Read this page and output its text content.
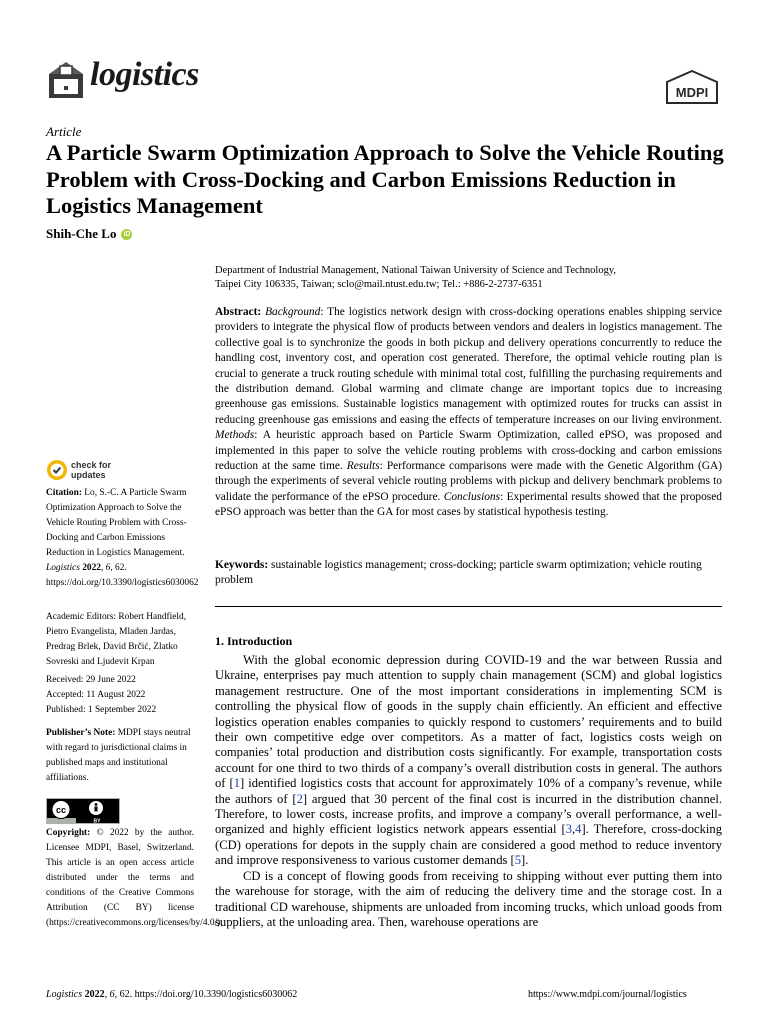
logistics	MDPI
Article
A Particle Swarm Optimization Approach to Solve the Vehicle Routing Problem with Cross-Docking and Carbon Emissions Reduction in Logistics Management
Shih-Che Lo iD
Department of Industrial Management, National Taiwan University of Science and Technology,
Taipei City 106335, Taiwan; sclo@mail.ntust.edu.tw; Tel.: +886-2-2737-6351
Abstract: Background: The logistics network design with cross-docking operations enables shipping service providers to integrate the physical flow of products between vendors and dealers in logistics management. The collective goal is to synchronize the goods in both pickup and delivery operations concurrently to reduce the handling cost, inventory cost, and operation cost generated. Therefore, the optimal vehicle routing plan is crucial to generate a truck routing schedule with minimal total cost, fulfilling the purchasing requirements and the distribution demand. Global warming and climate change are important topics due to increasing greenhouse gas emissions. Sustainable logistics management with optimized routes for trucks can assist in reducing greenhouse gas emissions and easing the effects of temperature increases on our living environment. Methods: A heuristic approach based on Particle Swarm Optimization, called ePSO, was proposed and implemented in this paper to solve the vehicle routing problems with cross-docking and carbon emissions reduction at the same time. Results: Performance comparisons were made with the Genetic Algorithm (GA) through the experiments of several vehicle routing problems with pickup and delivery benchmark problems to validate the performance of the ePSO procedure. Conclusions: Experimental results showed that the proposed ePSO approach was better than the GA for most cases by statistical hypothesis testing.
Keywords: sustainable logistics management; cross-docking; particle swarm optimization; vehicle routing problem
1. Introduction

With the global economic depression during COVID-19 and the war between Russia and Ukraine, enterprises pay much attention to supply chain management (SCM) and global logistics management restructure. One of the most important considerations in implementing SCM is controlling the physical flow of goods in the supply chain efficiently. An efficient and effective logistics operation enables companies to quickly respond to customers’ requirements and to build their own competitive edge over competitors. As a matter of fact, logistics costs weigh on companies’ total production and distribution costs significantly. For example, transportation costs account for one third to two thirds of a company’s overall distribution costs in general. The authors of [1] identified logistics costs that account for approximately 10% of a company’s revenue, while the authors of [2] argued that 30 percent of the final cost is incurred in the distribution channel. Therefore, to lower costs, increase profits, and improve a company’s overall performance, a well-organized and highly efficient logistics network appears essential [3,4]. Therefore, cross-docking (CD) operations for depots in the supply chain are considered a good method to reduce inventory and improve responsiveness to various customer demands [5].

CD is a concept of flowing goods from receiving to shipping without ever putting them into the warehouse for storage, with the aim of reducing the delivery time and the storage cost. In a traditional CD warehouse, shipments are unloaded from incoming trucks, which unload goods from suppliers, at the unloading area. Then, warehouse operations are

check for
updates
Citation: Lo, S.-C. A Particle Swarm Optimization Approach to Solve the Vehicle Routing Problem with Cross-Docking and Carbon Emissions Reduction in Logistics Management. Logistics 2022, 6, 62. https://doi.org/10.3390/logistics6030062
Academic Editors: Robert Handfield, Pietro Evangelista, Mladen Jardas, Predrag Brlek, David Brčić, Zlatko Sovreski and Ljudevit Krpan
Received: 29 June 2022
Accepted: 11 August 2022
Published: 1 September 2022
Publisher’s Note: MDPI stays neutral with regard to jurisdictional claims in published maps and institutional affiliations.
cc
BY
Copyright: © 2022 by the author. Licensee MDPI, Basel, Switzerland. This article is an open access article distributed under the terms and conditions of the Creative Commons Attribution (CC BY) license (https://creativecommons.org/licenses/by/4.0/).
Logistics 2022, 6, 62. https://doi.org/10.3390/logistics6030062	https://www.mdpi.com/journal/logistics
